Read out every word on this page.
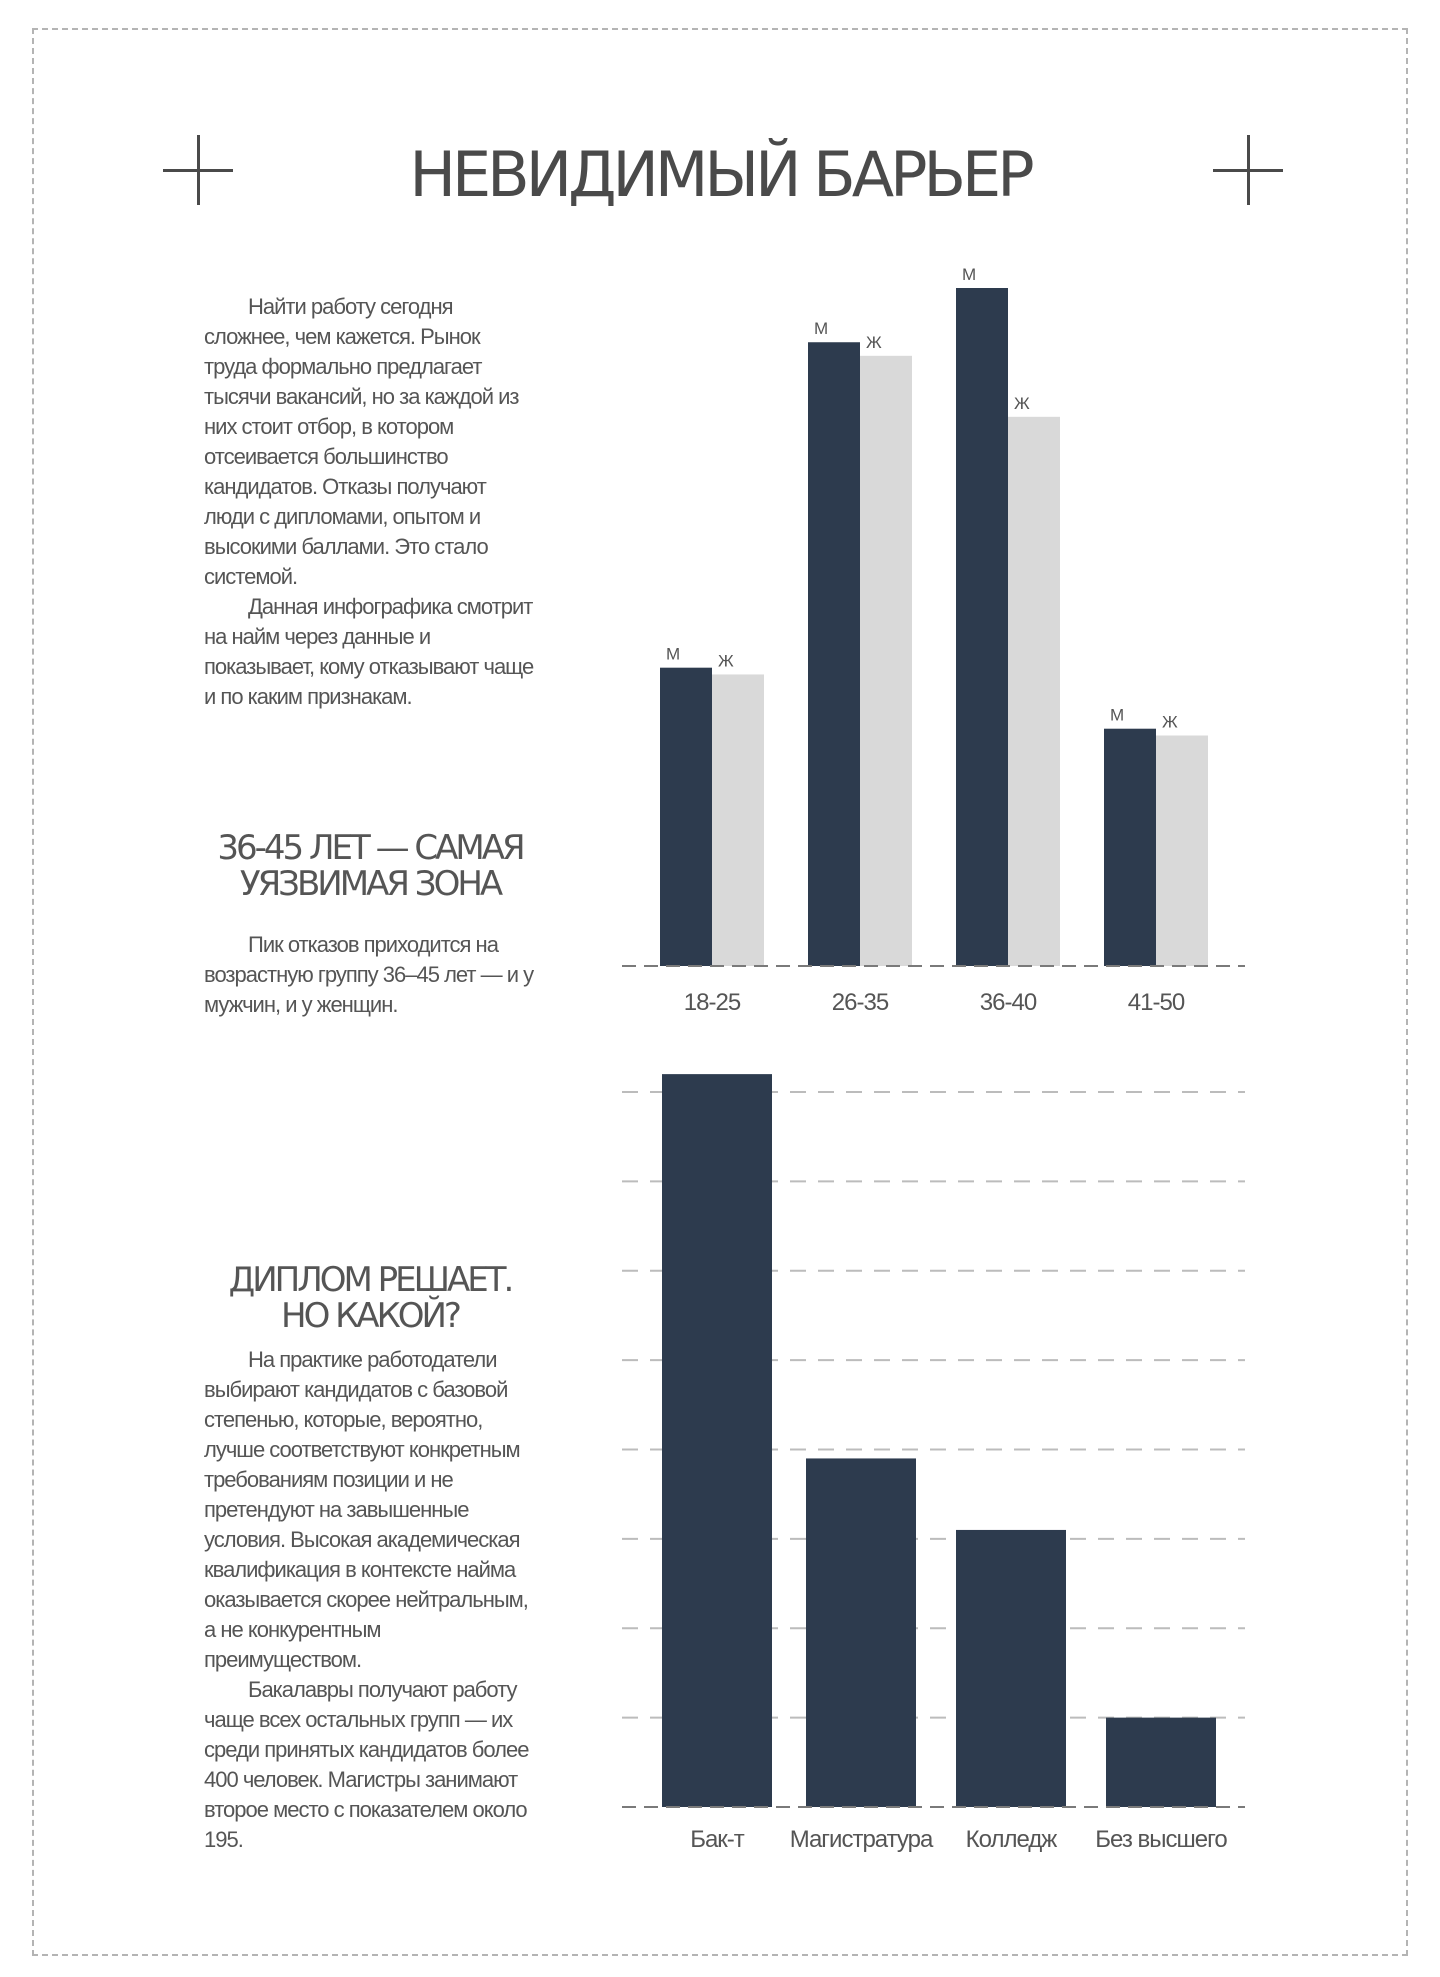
НЕВИДИМЫЙ БАРЬЕР

Найти работу сегодня сложнее, чем кажется. Рынок труда формально предлагает тысячи вакансий, но за каждой из них стоит отбор, в котором отсеивается большинство кандидатов. Отказы получают люди с дипломами, опытом и высокими баллами. Это стало системой.

Данная инфографика смотрит на найм через данные и показывает, кому отказывают чаще и по каким признакам.

36-45 ЛЕТ — САМАЯ
УЯЗВИМАЯ ЗОНА

Пик отказов приходится на возрастную группу 36–45 лет — и у мужчин, и у женщин.

ДИПЛОМ РЕШАЕТ.
НО КАКОЙ?

На практике работодатели выбирают кандидатов с базовой степенью, которые, вероятно, лучше соответствуют конкретным требованиям позиции и не претендуют на завышенные условия. Высокая академическая квалификация в контексте найма оказывается скорее нейтральным, а не конкурентным преимуществом.

Бакалавры получают работу чаще всех остальных групп — их среди принятых кандидатов более 400 человек. Магистры занимают второе место с показателем около 195.

М Ж
18-25
М
Ж
26-35
М
Ж
36-40
М Ж
41-50
Бак-т Магистратура Колледж Без высшего
